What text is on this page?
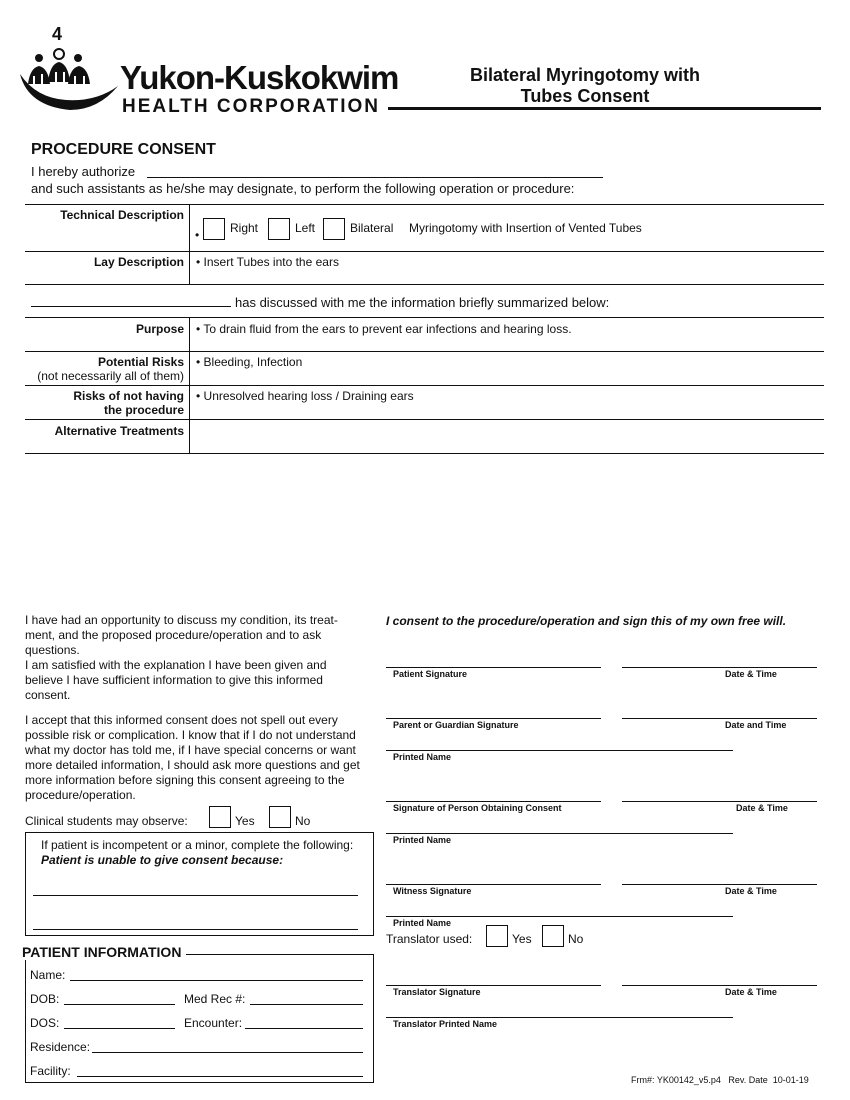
4
Yukon-Kuskokwim
HEALTH CORPORATION
Bilateral Myringotomy with
Tubes Consent
PROCEDURE CONSENT
I hereby authorize
and such assistants as he/she may designate, to perform the following operation or procedure:
Technical Description
•	Right	Left	Bilateral Myringotomy with Insertion of Vented Tubes
Lay Description • Insert Tubes into the ears
has discussed with me the information briefly summarized below:
Purpose • To drain fluid from the ears to prevent ear infections and hearing loss.
Potential Risks
(not necessarily all of them)
• Bleeding, Infection
Risks of not having
the procedure
• Unresolved hearing loss / Draining ears
Alternative Treatments
I have had an opportunity to discuss my condition, its treat-ment, and the proposed procedure/operation and to ask questions.
I am satisfied with the explanation I have been given and believe I have sufficient information to give this informed consent.
I accept that this informed consent does not spell out every possible risk or complication. I know that if I do not understand what my doctor has told me, if I have special concerns or want more detailed information, I should ask more questions and get more information before signing this consent agreeing to the procedure/operation.
Clinical students may observe:	Yes	No
If patient is incompetent or a minor, complete the following:
Patient is unable to give consent because:
PATIENT INFORMATION
Name:
DOB:	Med Rec #:
DOS:	Encounter:
Residence:
Facility:
I consent to the procedure/operation and sign this of my own free will.
Patient Signature	Date & Time
Parent or Guardian Signature	Date and Time
Printed Name
Signature of Person Obtaining Consent	Date & Time
Printed Name
Witness Signature	Date & Time
Printed Name
Translator used:	Yes	No
Translator Signature	Date & Time
Translator Printed Name
Frm#: YK00142_v5.p4   Rev. Date  10-01-19
